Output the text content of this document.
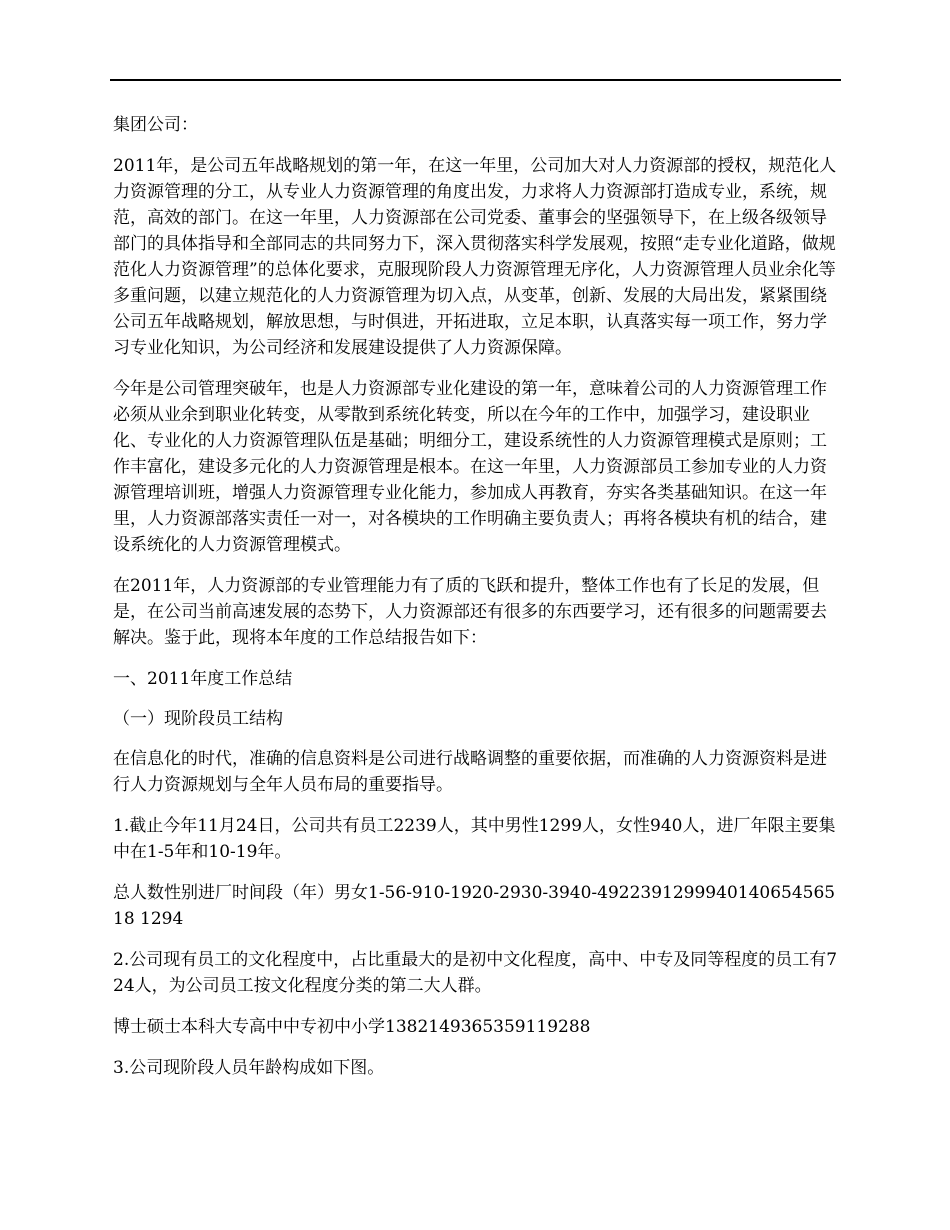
集团公司：

2011年，是公司五年战略规划的第一年，在这一年里，公司加大对人力资源部的授权，规范化人力资源管理的分工，从专业人力资源管理的角度出发，力求将人力资源部打造成专业，系统，规范，高效的部门。在这一年里，人力资源部在公司党委、董事会的坚强领导下，在上级各级领导部门的具体指导和全部同志的共同努力下，深入贯彻落实科学发展观，按照“走专业化道路，做规范化人力资源管理”的总体化要求，克服现阶段人力资源管理无序化，人力资源管理人员业余化等多重问题，以建立规范化的人力资源管理为切入点，从变革，创新、发展的大局出发，紧紧围绕公司五年战略规划，解放思想，与时俱进，开拓进取，立足本职，认真落实每一项工作，努力学习专业化知识，为公司经济和发展建设提供了人力资源保障。

今年是公司管理突破年，也是人力资源部专业化建设的第一年，意味着公司的人力资源管理工作必须从业余到职业化转变，从零散到系统化转变，所以在今年的工作中，加强学习，建设职业化、专业化的人力资源管理队伍是基础；明细分工，建设系统性的人力资源管理模式是原则；工作丰富化，建设多元化的人力资源管理是根本。在这一年里，人力资源部员工参加专业的人力资源管理培训班，增强人力资源管理专业化能力，参加成人再教育，夯实各类基础知识。在这一年里，人力资源部落实责任一对一，对各模块的工作明确主要负责人；再将各模块有机的结合，建设系统化的人力资源管理模式。

在2011年，人力资源部的专业管理能力有了质的飞跃和提升，整体工作也有了长足的发展，但是，在公司当前高速发展的态势下，人力资源部还有很多的东西要学习，还有很多的问题需要去解决。鉴于此，现将本年度的工作总结报告如下：

一、2011年度工作总结

（一）现阶段员工结构

在信息化的时代，准确的信息资料是公司进行战略调整的重要依据，而准确的人力资源资料是进行人力资源规划与全年人员布局的重要指导。

1.截止今年11月24日，公司共有员工2239人，其中男性1299人，女性940人，进厂年限主要集中在1-5年和10-19年。

总人数性别进厂时间段（年）男女1-56-910-1920-2930-3940-492239129994014065456518 1294

2.公司现有员工的文化程度中，占比重最大的是初中文化程度，高中、中专及同等程度的员工有724人，为公司员工按文化程度分类的第二大人群。

博士硕士本科大专高中中专初中小学1382149365359119288

3.公司现阶段人员年龄构成如下图。
